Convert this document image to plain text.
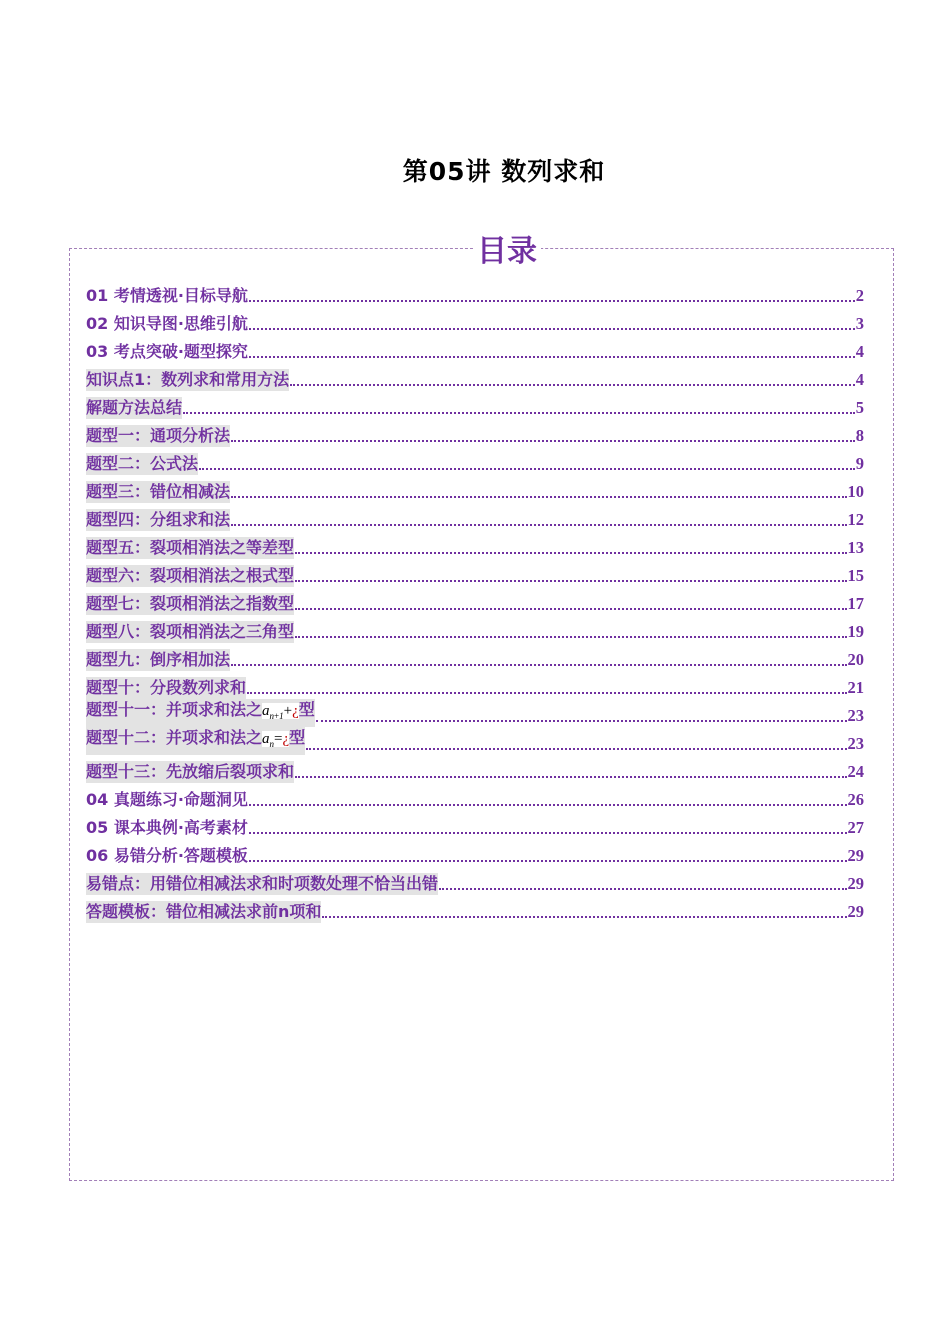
第05讲 数列求和
目录
01 考情透视·目标导航	2
02 知识导图·思维引航	3
03 考点突破·题型探究	4
知识点1：数列求和常用方法	4
解题方法总结	5
题型一：通项分析法	8
题型二：公式法	9
题型三：错位相减法	10
题型四：分组求和法	12
题型五：裂项相消法之等差型	13
题型六：裂项相消法之根式型	15
题型七：裂项相消法之指数型	17
题型八：裂项相消法之三角型	19
题型九：倒序相加法	20
题型十：分段数列求和	21
题型十一：并项求和法之$a_{n+1}+¿$型	23
题型十二：并项求和法之$a_n=¿$型	23
题型十三：先放缩后裂项求和	24
04 真题练习·命题洞见	26
05 课本典例·高考素材	27
06 易错分析·答题模板	29
易错点：用错位相减法求和时项数处理不恰当出错	29
答题模板：错位相减法求前n项和	29
